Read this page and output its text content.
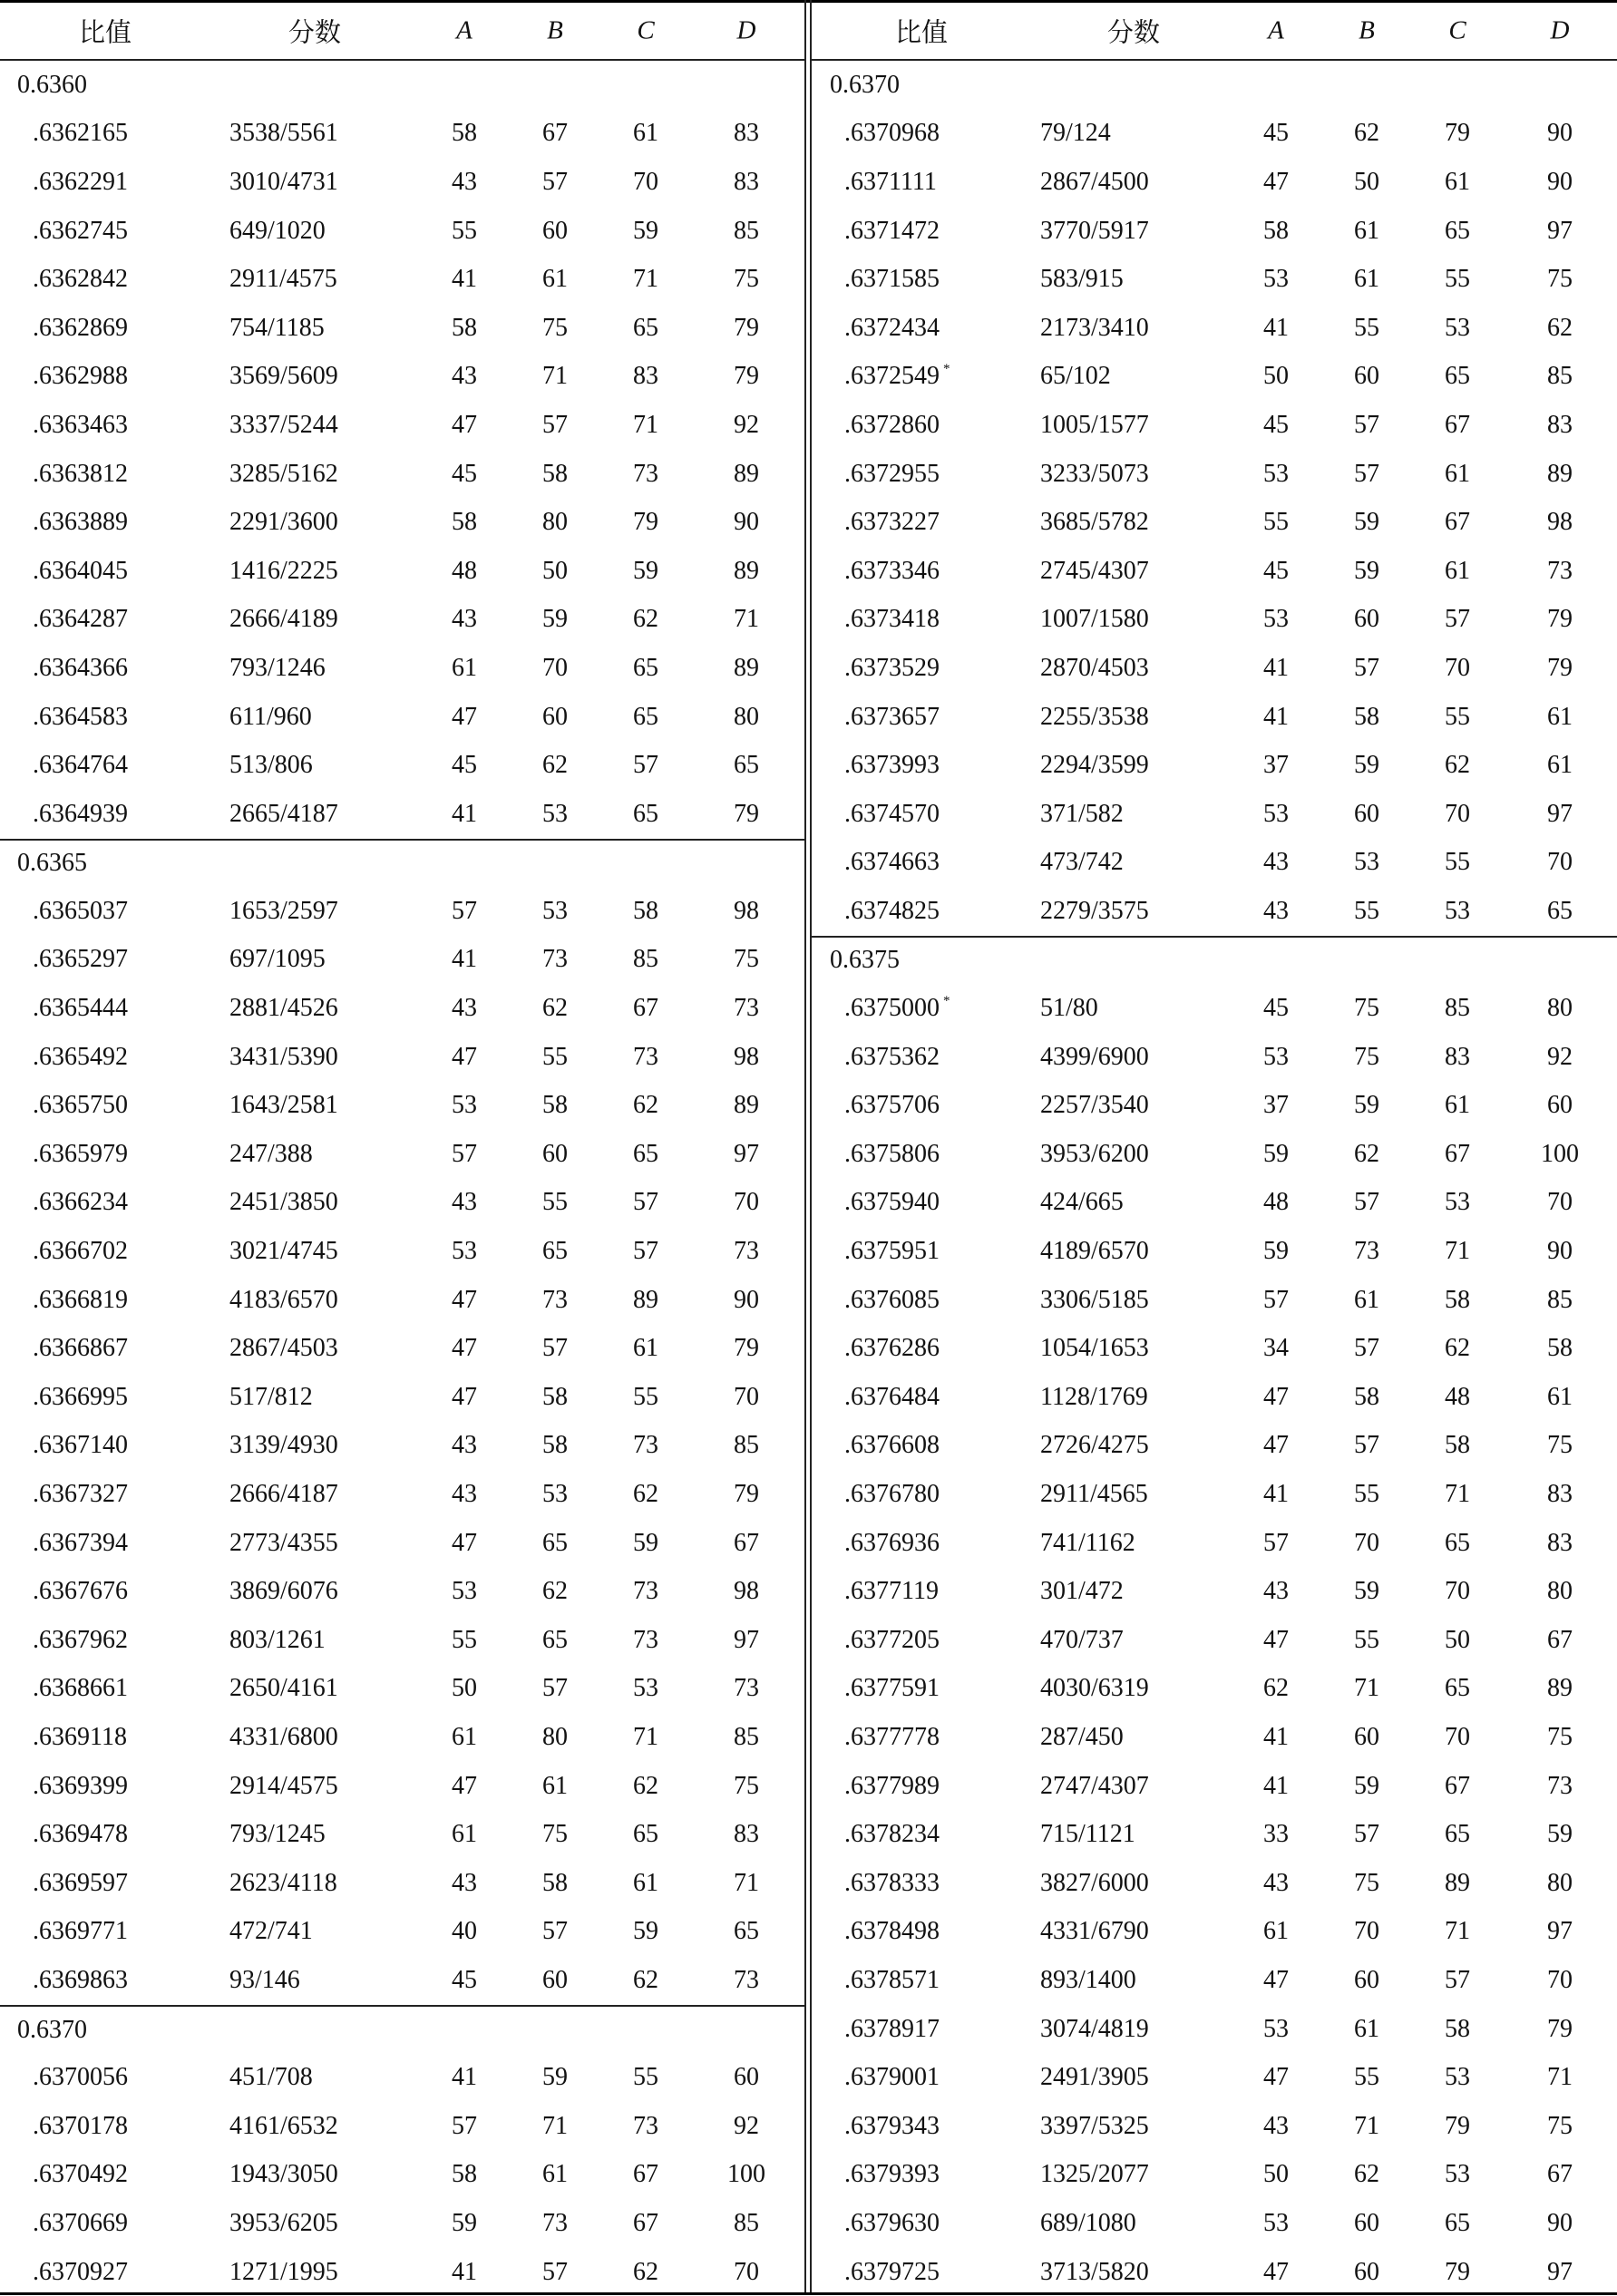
比值	分数	A	B	C	D
0.6360
.6362165	3538/5561	58	67	61	83
.6362291	3010/4731	43	57	70	83
.6362745	649/1020	55	60	59	85
.6362842	2911/4575	41	61	71	75
.6362869	754/1185	58	75	65	79
.6362988	3569/5609	43	71	83	79
.6363463	3337/5244	47	57	71	92
.6363812	3285/5162	45	58	73	89
.6363889	2291/3600	58	80	79	90
.6364045	1416/2225	48	50	59	89
.6364287	2666/4189	43	59	62	71
.6364366	793/1246	61	70	65	89
.6364583	611/960	47	60	65	80
.6364764	513/806	45	62	57	65
.6364939	2665/4187	41	53	65	79
0.6365
.6365037	1653/2597	57	53	58	98
.6365297	697/1095	41	73	85	75
.6365444	2881/4526	43	62	67	73
.6365492	3431/5390	47	55	73	98
.6365750	1643/2581	53	58	62	89
.6365979	247/388	57	60	65	97
.6366234	2451/3850	43	55	57	70
.6366702	3021/4745	53	65	57	73
.6366819	4183/6570	47	73	89	90
.6366867	2867/4503	47	57	61	79
.6366995	517/812	47	58	55	70
.6367140	3139/4930	43	58	73	85
.6367327	2666/4187	43	53	62	79
.6367394	2773/4355	47	65	59	67
.6367676	3869/6076	53	62	73	98
.6367962	803/1261	55	65	73	97
.6368661	2650/4161	50	57	53	73
.6369118	4331/6800	61	80	71	85
.6369399	2914/4575	47	61	62	75
.6369478	793/1245	61	75	65	83
.6369597	2623/4118	43	58	61	71
.6369771	472/741	40	57	59	65
.6369863	93/146	45	60	62	73
0.6370
.6370056	451/708	41	59	55	60
.6370178	4161/6532	57	71	73	92
.6370492	1943/3050	58	61	67	100
.6370669	3953/6205	59	73	67	85
.6370927	1271/1995	41	57	62	70
比值	分数	A	B	C	D
0.6370
.6370968	79/124	45	62	79	90
.6371111	2867/4500	47	50	61	90
.6371472	3770/5917	58	61	65	97
.6371585	583/915	53	61	55	75
.6372434	2173/3410	41	55	53	62
.6372549 *	65/102	50	60	65	85
.6372860	1005/1577	45	57	67	83
.6372955	3233/5073	53	57	61	89
.6373227	3685/5782	55	59	67	98
.6373346	2745/4307	45	59	61	73
.6373418	1007/1580	53	60	57	79
.6373529	2870/4503	41	57	70	79
.6373657	2255/3538	41	58	55	61
.6373993	2294/3599	37	59	62	61
.6374570	371/582	53	60	70	97
.6374663	473/742	43	53	55	70
.6374825	2279/3575	43	55	53	65
0.6375
.6375000 *	51/80	45	75	85	80
.6375362	4399/6900	53	75	83	92
.6375706	2257/3540	37	59	61	60
.6375806	3953/6200	59	62	67	100
.6375940	424/665	48	57	53	70
.6375951	4189/6570	59	73	71	90
.6376085	3306/5185	57	61	58	85
.6376286	1054/1653	34	57	62	58
.6376484	1128/1769	47	58	48	61
.6376608	2726/4275	47	57	58	75
.6376780	2911/4565	41	55	71	83
.6376936	741/1162	57	70	65	83
.6377119	301/472	43	59	70	80
.6377205	470/737	47	55	50	67
.6377591	4030/6319	62	71	65	89
.6377778	287/450	41	60	70	75
.6377989	2747/4307	41	59	67	73
.6378234	715/1121	33	57	65	59
.6378333	3827/6000	43	75	89	80
.6378498	4331/6790	61	70	71	97
.6378571	893/1400	47	60	57	70
.6378917	3074/4819	53	61	58	79
.6379001	2491/3905	47	55	53	71
.6379343	3397/5325	43	71	79	75
.6379393	1325/2077	50	62	53	67
.6379630	689/1080	53	60	65	90
.6379725	3713/5820	47	60	79	97
